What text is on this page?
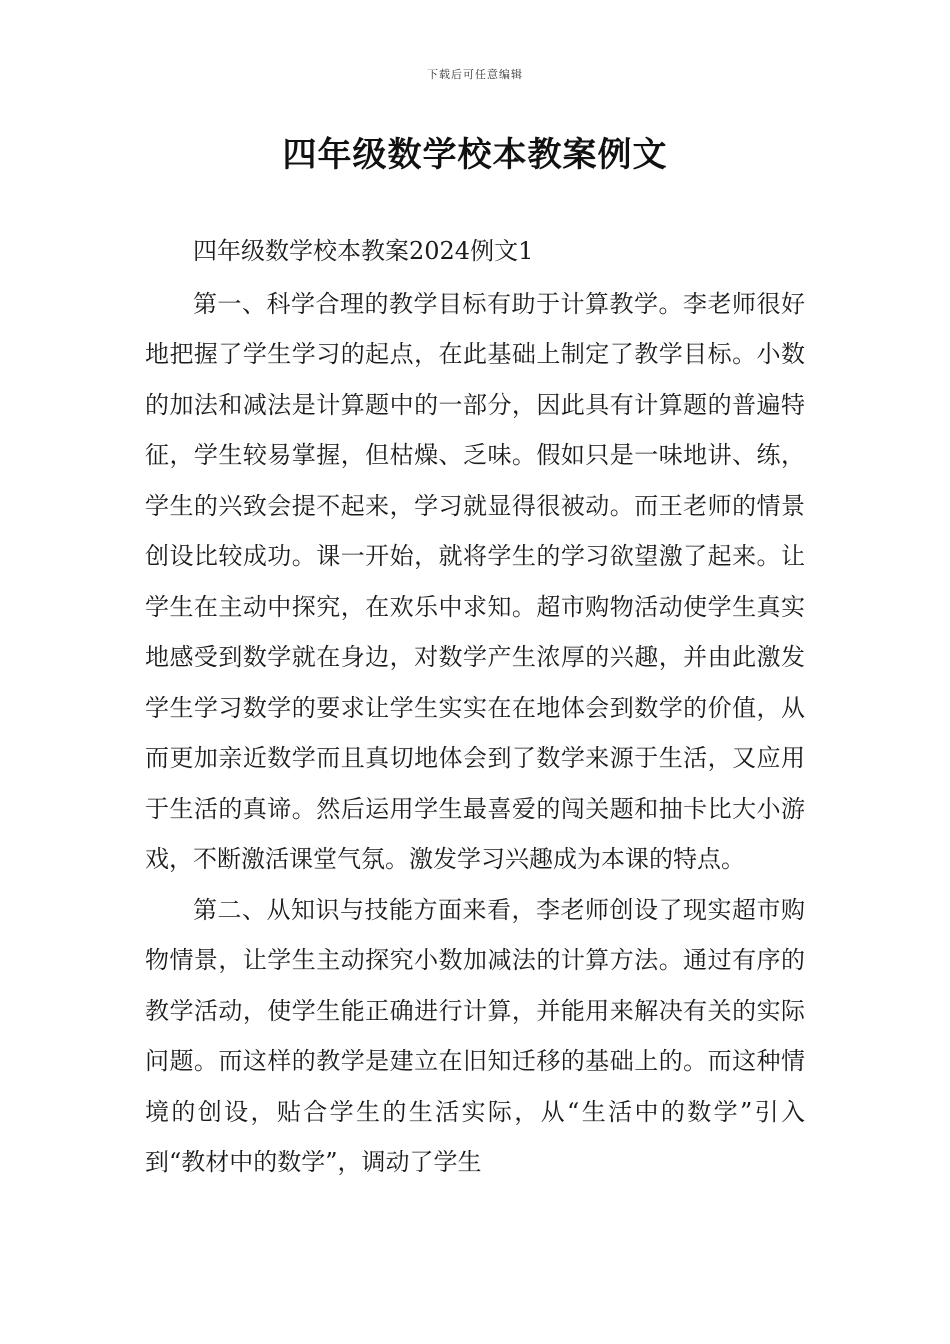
下载后可任意编辑
四年级数学校本教案例文

四年级数学校本教案2024例文1

第一、科学合理的教学目标有助于计算教学。李老师很好地把握了学生学习的起点，在此基础上制定了教学目标。小数的加法和减法是计算题中的一部分，因此具有计算题的普遍特征，学生较易掌握，但枯燥、乏味。假如只是一味地讲、练，学生的兴致会提不起来，学习就显得很被动。而王老师的情景创设比较成功。课一开始，就将学生的学习欲望激了起来。让学生在主动中探究，在欢乐中求知。超市购物活动使学生真实地感受到数学就在身边，对数学产生浓厚的兴趣，并由此激发学生学习数学的要求让学生实实在在地体会到数学的价值，从而更加亲近数学而且真切地体会到了数学来源于生活，又应用于生活的真谛。然后运用学生最喜爱的闯关题和抽卡比大小游戏，不断激活课堂气氛。激发学习兴趣成为本课的特点。

第二、从知识与技能方面来看，李老师创设了现实超市购物情景，让学生主动探究小数加减法的计算方法。通过有序的教学活动，使学生能正确进行计算，并能用来解决有关的实际问题。而这样的教学是建立在旧知迁移的基础上的。而这种情境的创设，贴合学生的生活实际，从“生活中的数学”引入到“教材中的数学”，调动了学生
